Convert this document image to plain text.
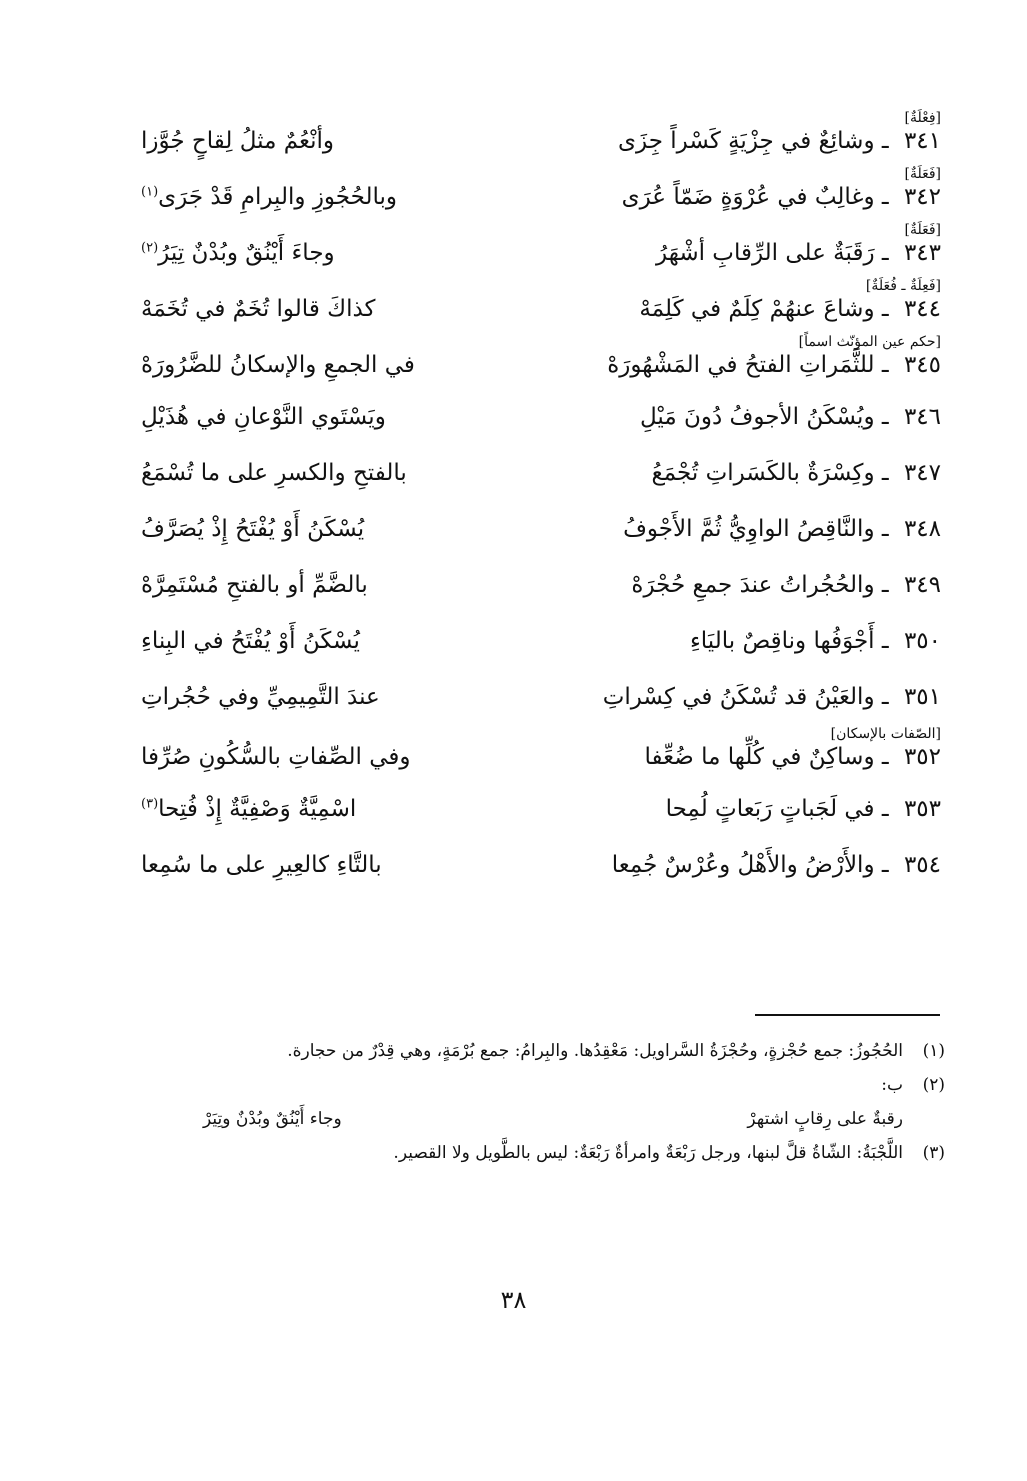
[فِعْلَةٌ]
٣٤١ ـ وشائِعٌ في جِزْيَةٍ كَسْراً جِزَى
وأنْعُمٌ مثلُ لِقاحٍ جُوَّزا
[فَعَلَةٌ]
٣٤٢ ـ وغالِبٌ في عُرْوَةٍ ضَمّاً عُرَى
وبالحُجُوزِ والبِرامِ قَدْ جَرَى$^{(١)}$
[فَعَلَةٌ]
٣٤٣ ـ رَقَبَةٌ على الرِّقابِ أشْهَرُ
وجاءَ أَيْنُقٌ وبُدْنٌ تِيَرُ$^{(٢)}$
[فَعِلَةٌ ـ فُعَلَةٌ]
٣٤٤ ـ وشاعَ عنهُمْ كِلَمٌ في كَلِمَهْ
كذاكَ قالوا تُخَمٌ في تُخَمَهْ
[حكم عين المؤنّث اسماً]
٣٤٥ ـ للثَّمَراتِ الفتحُ في المَشْهُورَهْ
في الجمعِ والإسكانُ للضَّرُورَهْ
٣٤٦ ـ ويُسْكَنُ الأجوفُ دُونَ مَيْلِ
ويَسْتَوي النَّوْعانِ في هُذَيْلِ
٣٤٧ ـ وكِسْرَةٌ بالكَسَراتِ تُجْمَعُ
بالفتحِ والكسرِ على ما تُسْمَعُ
٣٤٨ ـ والنَّاقِصُ الواوِيُّ ثُمَّ الأَجْوفُ
يُسْكَنُ أَوْ يُفْتَحُ إِذْ يُصَرَّفُ
٣٤٩ ـ والحُجُراتُ عندَ جمعِ حُجْرَهْ
بالضَّمِّ أو بالفتحِ مُسْتَمِرَّهْ
٣٥٠ ـ أَجْوَفُها وناقِصٌ باليَاءِ
يُسْكَنُ أَوْ يُفْتَحُ في البِناءِ
٣٥١ ـ والعَيْنُ قد تُسْكَنُ في كِسْراتِ
عندَ التَّمِيمِيِّ وفي حُجُراتِ
[الصّفات بالإسكان]
٣٥٢ ـ وساكِنٌ في كُلِّها ما ضُعِّفا
وفي الصِّفاتِ بالسُّكُونِ صُرِّفا
٣٥٣ ـ في لَجَباتٍ رَبَعاتٍ لُمِحا
اسْمِيَّةٌ وَصْفِيَّةٌ إِذْ فُتِحا$^{(٣)}$
٣٥٤ ـ والأَرْضُ والأَهْلُ وعُرْسٌ جُمِعا
بالتَّاءِ كالعِيرِ على ما سُمِعا
(١)
الحُجُوزُ: جمع حُجْزةٍ، وحُجْزَةُ السَّراويل: مَعْقِدُها. والبِرامُ: جمع بُرْمَةٍ، وهي قِدْرٌ من حجارة.
(٢)
ب:
رقبةٌ على رِقابٍ اشتهرْ
وجاء أَيْنُقٌ وبُدْنٌ وتِيَرْ
(٣)
اللَّجْبَةُ: الشّاةُ قلَّ لبنها، ورجل رَبْعَةٌ وامرأةٌ رَبْعَةٌ: ليس بالطَّويل ولا القصير.
٣٨
